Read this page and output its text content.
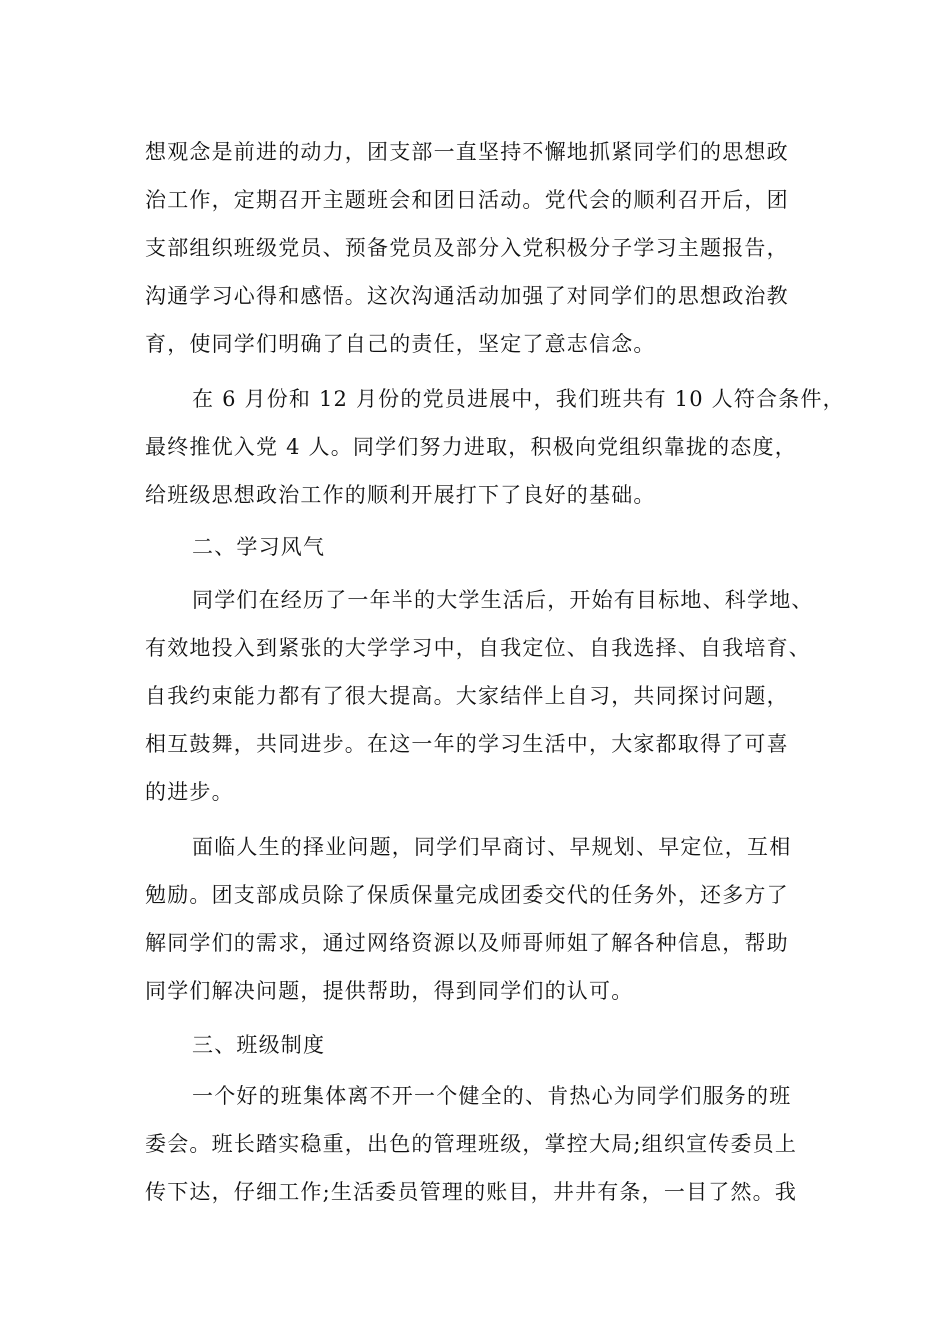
想观念是前进的动力，团支部一直坚持不懈地抓紧同学们的思想政
治工作，定期召开主题班会和团日活动。党代会的顺利召开后，团
支部组织班级党员、预备党员及部分入党积极分子学习主题报告，
沟通学习心得和感悟。这次沟通活动加强了对同学们的思想政治教
育，使同学们明确了自己的责任，坚定了意志信念。
在 6 月份和 12 月份的党员进展中，我们班共有 10 人符合条件，
最终推优入党 4 人。同学们努力进取，积极向党组织靠拢的态度，
给班级思想政治工作的顺利开展打下了良好的基础。
二、学习风气
同学们在经历了一年半的大学生活后，开始有目标地、科学地、
有效地投入到紧张的大学学习中，自我定位、自我选择、自我培育、
自我约束能力都有了很大提高。大家结伴上自习，共同探讨问题，
相互鼓舞，共同进步。在这一年的学习生活中，大家都取得了可喜
的进步。
面临人生的择业问题，同学们早商讨、早规划、早定位，互相
勉励。团支部成员除了保质保量完成团委交代的任务外，还多方了
解同学们的需求，通过网络资源以及师哥师姐了解各种信息，帮助
同学们解决问题，提供帮助，得到同学们的认可。
三、班级制度
一个好的班集体离不开一个健全的、肯热心为同学们服务的班
委会。班长踏实稳重，出色的管理班级，掌控大局;组织宣传委员上
传下达，仔细工作;生活委员管理的账目，井井有条，一目了然。我
